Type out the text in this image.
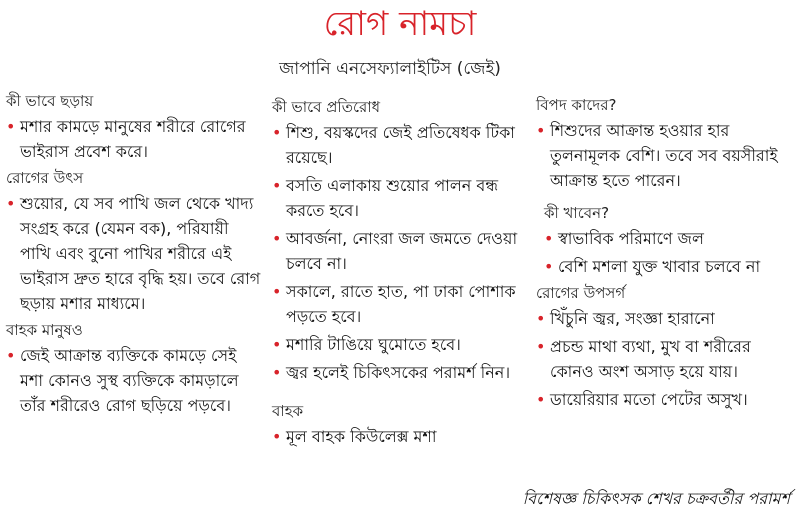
রোগ নামচা
জাপানি এনসেফ্যালাইটিস (জেই)
কী ভাবে ছড়ায়
• মশার কামড়ে মানুষের শরীরে রোগের ভাইরাস প্রবেশ করে।
রোগের উৎস
• শুয়োর, যে সব পাখি জল থেকে খাদ্য সংগ্রহ করে (যেমন বক), পরিযায়ী পাখি এবং বুনো পাখির শরীরে এই ভাইরাস দ্রুত হারে বৃদ্ধি হয়। তবে রোগ ছড়ায় মশার মাধ্যমে।
বাহক মানুষও
• জেই আক্রান্ত ব্যক্তিকে কামড়ে সেই মশা কোনও সুস্থ ব্যক্তিকে কামড়ালে তাঁর শরীরেও রোগ ছড়িয়ে পড়বে।
কী ভাবে প্রতিরোধ
• শিশু, বয়স্কদের জেই প্রতিষেধক টিকা রয়েছে।
• বসতি এলাকায় শুয়োর পালন বন্ধ করতে হবে।
• আবর্জনা, নোংরা জল জমতে দেওয়া চলবে না।
• সকালে, রাতে হাত, পা ঢাকা পোশাক পড়তে হবে।
• মশারি টাঙিয়ে ঘুমোতে হবে।
• জ্বর হলেই চিকিৎসকের পরামর্শ নিন।
বাহক
• মূল বাহক কিউলেক্স মশা
বিপদ কাদের?
• শিশুদের আক্রান্ত হওয়ার হার তুলনামূলক বেশি। তবে সব বয়সীরাই আক্রান্ত হতে পারেন।
কী খাবেন?
• স্বাভাবিক পরিমাণে জল
• বেশি মশলা যুক্ত খাবার চলবে না
রোগের উপসর্গ
• খিঁচুনি জ্বর, সংজ্ঞা হারানো
• প্রচন্ড মাথা ব্যথা, মুখ বা শরীরের কোনও অংশ অসাড় হয়ে যায়।
• ডায়েরিয়ার মতো পেটের অসুখ।
বিশেষজ্ঞ চিকিৎসক শেখর চক্রবর্তীর পরামর্শ
